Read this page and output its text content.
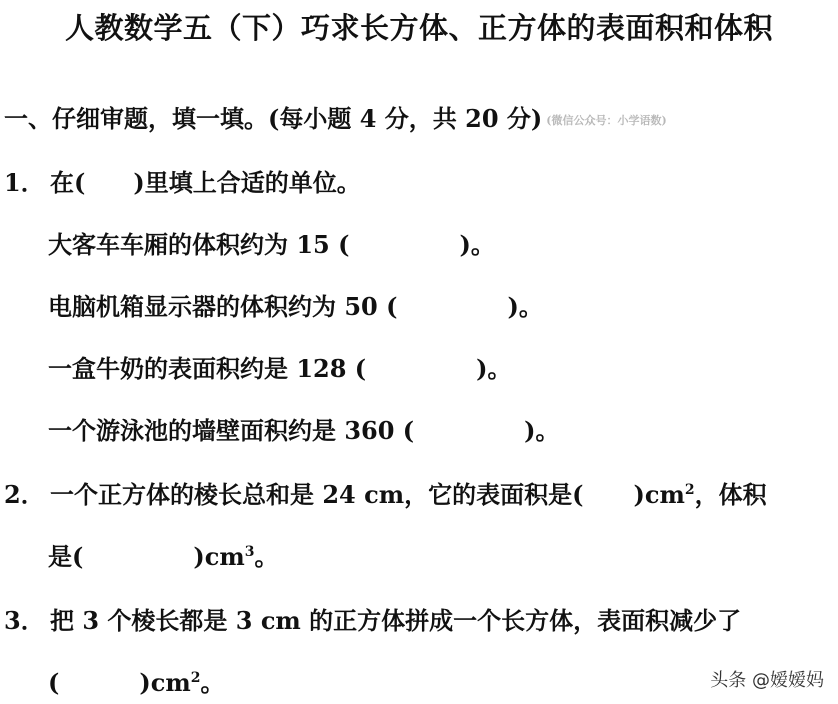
人教数学五（下）巧求长方体、正方体的表面积和体积
一、仔细审题，填一填。(每小题 4 分，共 20 分) (微信公众号：小学语数)
1． 在( )里填上合适的单位。
大客车车厢的体积约为 15 (	)。
电脑机箱显示器的体积约为 50 (	)。
一盒牛奶的表面积约是 128 (	)。
一个游泳池的墙壁面积约是 360 (	)。
2． 一个正方体的棱长总和是 24 cm，它的表面积是( )$cm^2$，体积
是(	)$cm^3$。
3． 把 3 个棱长都是 3 cm 的正方体拼成一个长方体，表面积减少了
(	)$cm^2$。	头条 @嫒嫒妈
